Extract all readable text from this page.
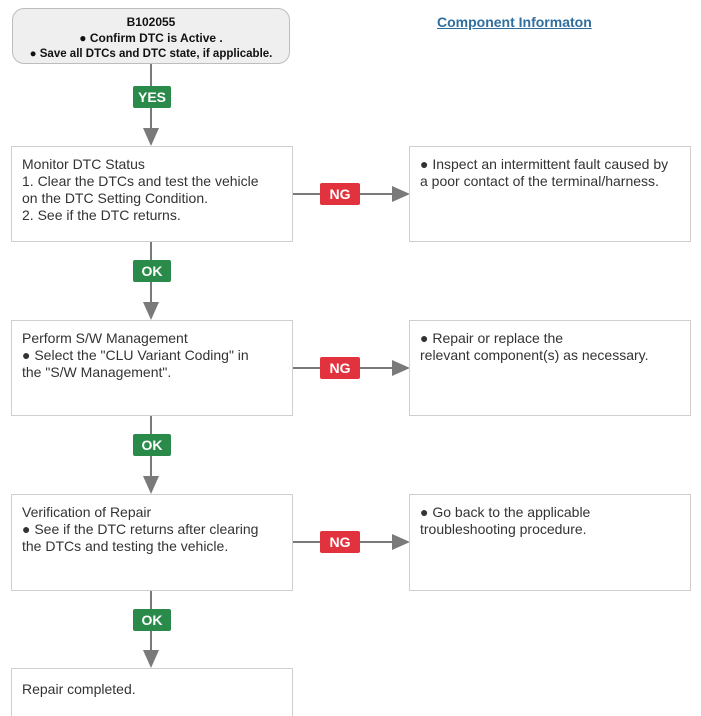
B102055
● Confirm DTC is Active .
● Save all DTCs and DTC state, if applicable.
Component Informaton
YES
OK
OK
OK
NG
NG
NG
Monitor DTC Status
1. Clear the DTCs and test the vehicle
on the DTC Setting Condition.
2. See if the DTC returns.
● Inspect an intermittent fault caused by
a poor contact of the terminal/harness.
Perform S/W Management
● Select the "CLU Variant Coding" in
the "S/W Management".
● Repair or replace the
relevant component(s) as necessary.
Verification of Repair
● See if the DTC returns after clearing
the DTCs and testing the vehicle.
● Go back to the applicable
troubleshooting procedure.
Repair completed.
